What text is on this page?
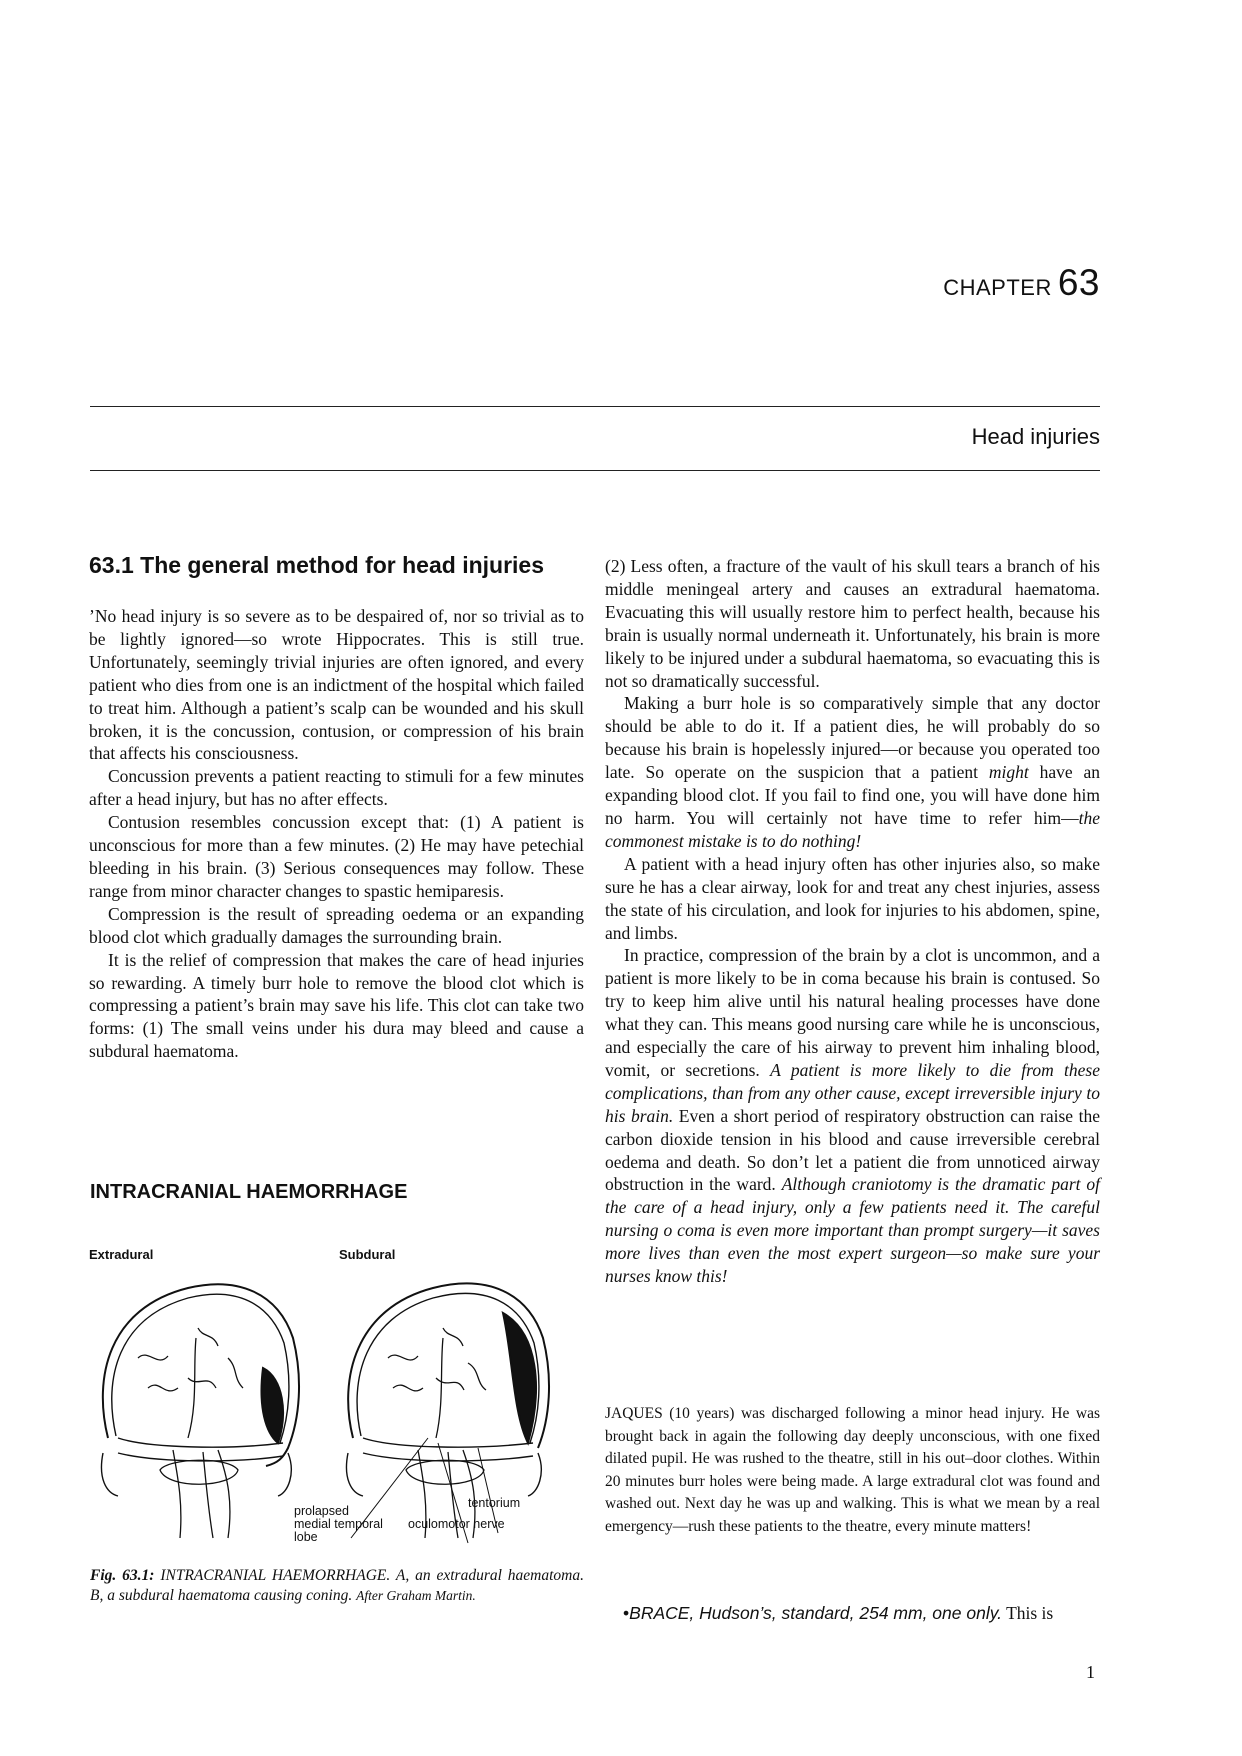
CHAPTER 63
Head injuries
63.1 The general method for head injuries

’No head injury is so severe as to be despaired of, nor so trivial as to be lightly ignored—so wrote Hippocrates. This is still true. Unfortunately, seemingly trivial injuries are often ignored, and every patient who dies from one is an indictment of the hospital which failed to treat him. Although a patient’s scalp can be wounded and his skull broken, it is the concussion, contusion, or compression of his brain that affects his consciousness.

Concussion prevents a patient reacting to stimuli for a few minutes after a head injury, but has no after effects.

Contusion resembles concussion except that: (1) A patient is unconscious for more than a few minutes. (2) He may have petechial bleeding in his brain. (3) Serious consequences may follow. These range from minor character changes to spastic hemiparesis.

Compression is the result of spreading oedema or an expanding blood clot which gradually damages the surrounding brain.

It is the relief of compression that makes the care of head injuries so rewarding. A timely burr hole to remove the blood clot which is compressing a patient’s brain may save his life. This clot can take two forms: (1) The small veins under his dura may bleed and cause a subdural haematoma.

INTRACRANIAL HAEMORRHAGE
Extradural	Subdural
prolapsed
medial temporal
lobe
tentorium
oculomotor nerve
Fig. 63.1: INTRACRANIAL HAEMORRHAGE. A, an extradural haematoma. B, a subdural haematoma causing coning. After Graham Martin.

(2) Less often, a fracture of the vault of his skull tears a branch of his middle meningeal artery and causes an extradural haematoma. Evacuating this will usually restore him to perfect health, because his brain is usually normal underneath it. Unfortunately, his brain is more likely to be injured under a subdural haematoma, so evacuating this is not so dramatically successful.

Making a burr hole is so comparatively simple that any doctor should be able to do it. If a patient dies, he will probably do so because his brain is hopelessly injured—or because you operated too late. So operate on the suspicion that a patient might have an expanding blood clot. If you fail to find one, you will have done him no harm. You will certainly not have time to refer him—the commonest mistake is to do nothing!

A patient with a head injury often has other injuries also, so make sure he has a clear airway, look for and treat any chest injuries, assess the state of his circulation, and look for injuries to his abdomen, spine, and limbs.

In practice, compression of the brain by a clot is uncommon, and a patient is more likely to be in coma because his brain is contused. So try to keep him alive until his natural healing processes have done what they can. This means good nursing care while he is unconscious, and especially the care of his airway to prevent him inhaling blood, vomit, or secretions. A patient is more likely to die from these complications, than from any other cause, except irreversible injury to his brain. Even a short period of respiratory obstruction can raise the carbon dioxide tension in his blood and cause irreversible cerebral oedema and death. So don’t let a patient die from unnoticed airway obstruction in the ward. Although craniotomy is the dramatic part of the care of a head injury, only a few patients need it. The careful nursing o coma is even more important than prompt surgery—it saves more lives than even the most expert surgeon—so make sure your nurses know this!

JAQUES (10 years) was discharged following a minor head injury. He was brought back in again the following day deeply unconscious, with one fixed dilated pupil. He was rushed to the theatre, still in his out–door clothes. Within 20 minutes burr holes were being made. A large extradural clot was found and washed out. Next day he was up and walking. This is what we mean by a real emergency—rush these patients to the theatre, every minute matters!
•BRACE, Hudson’s, standard, 254 mm, one only. This is
1
